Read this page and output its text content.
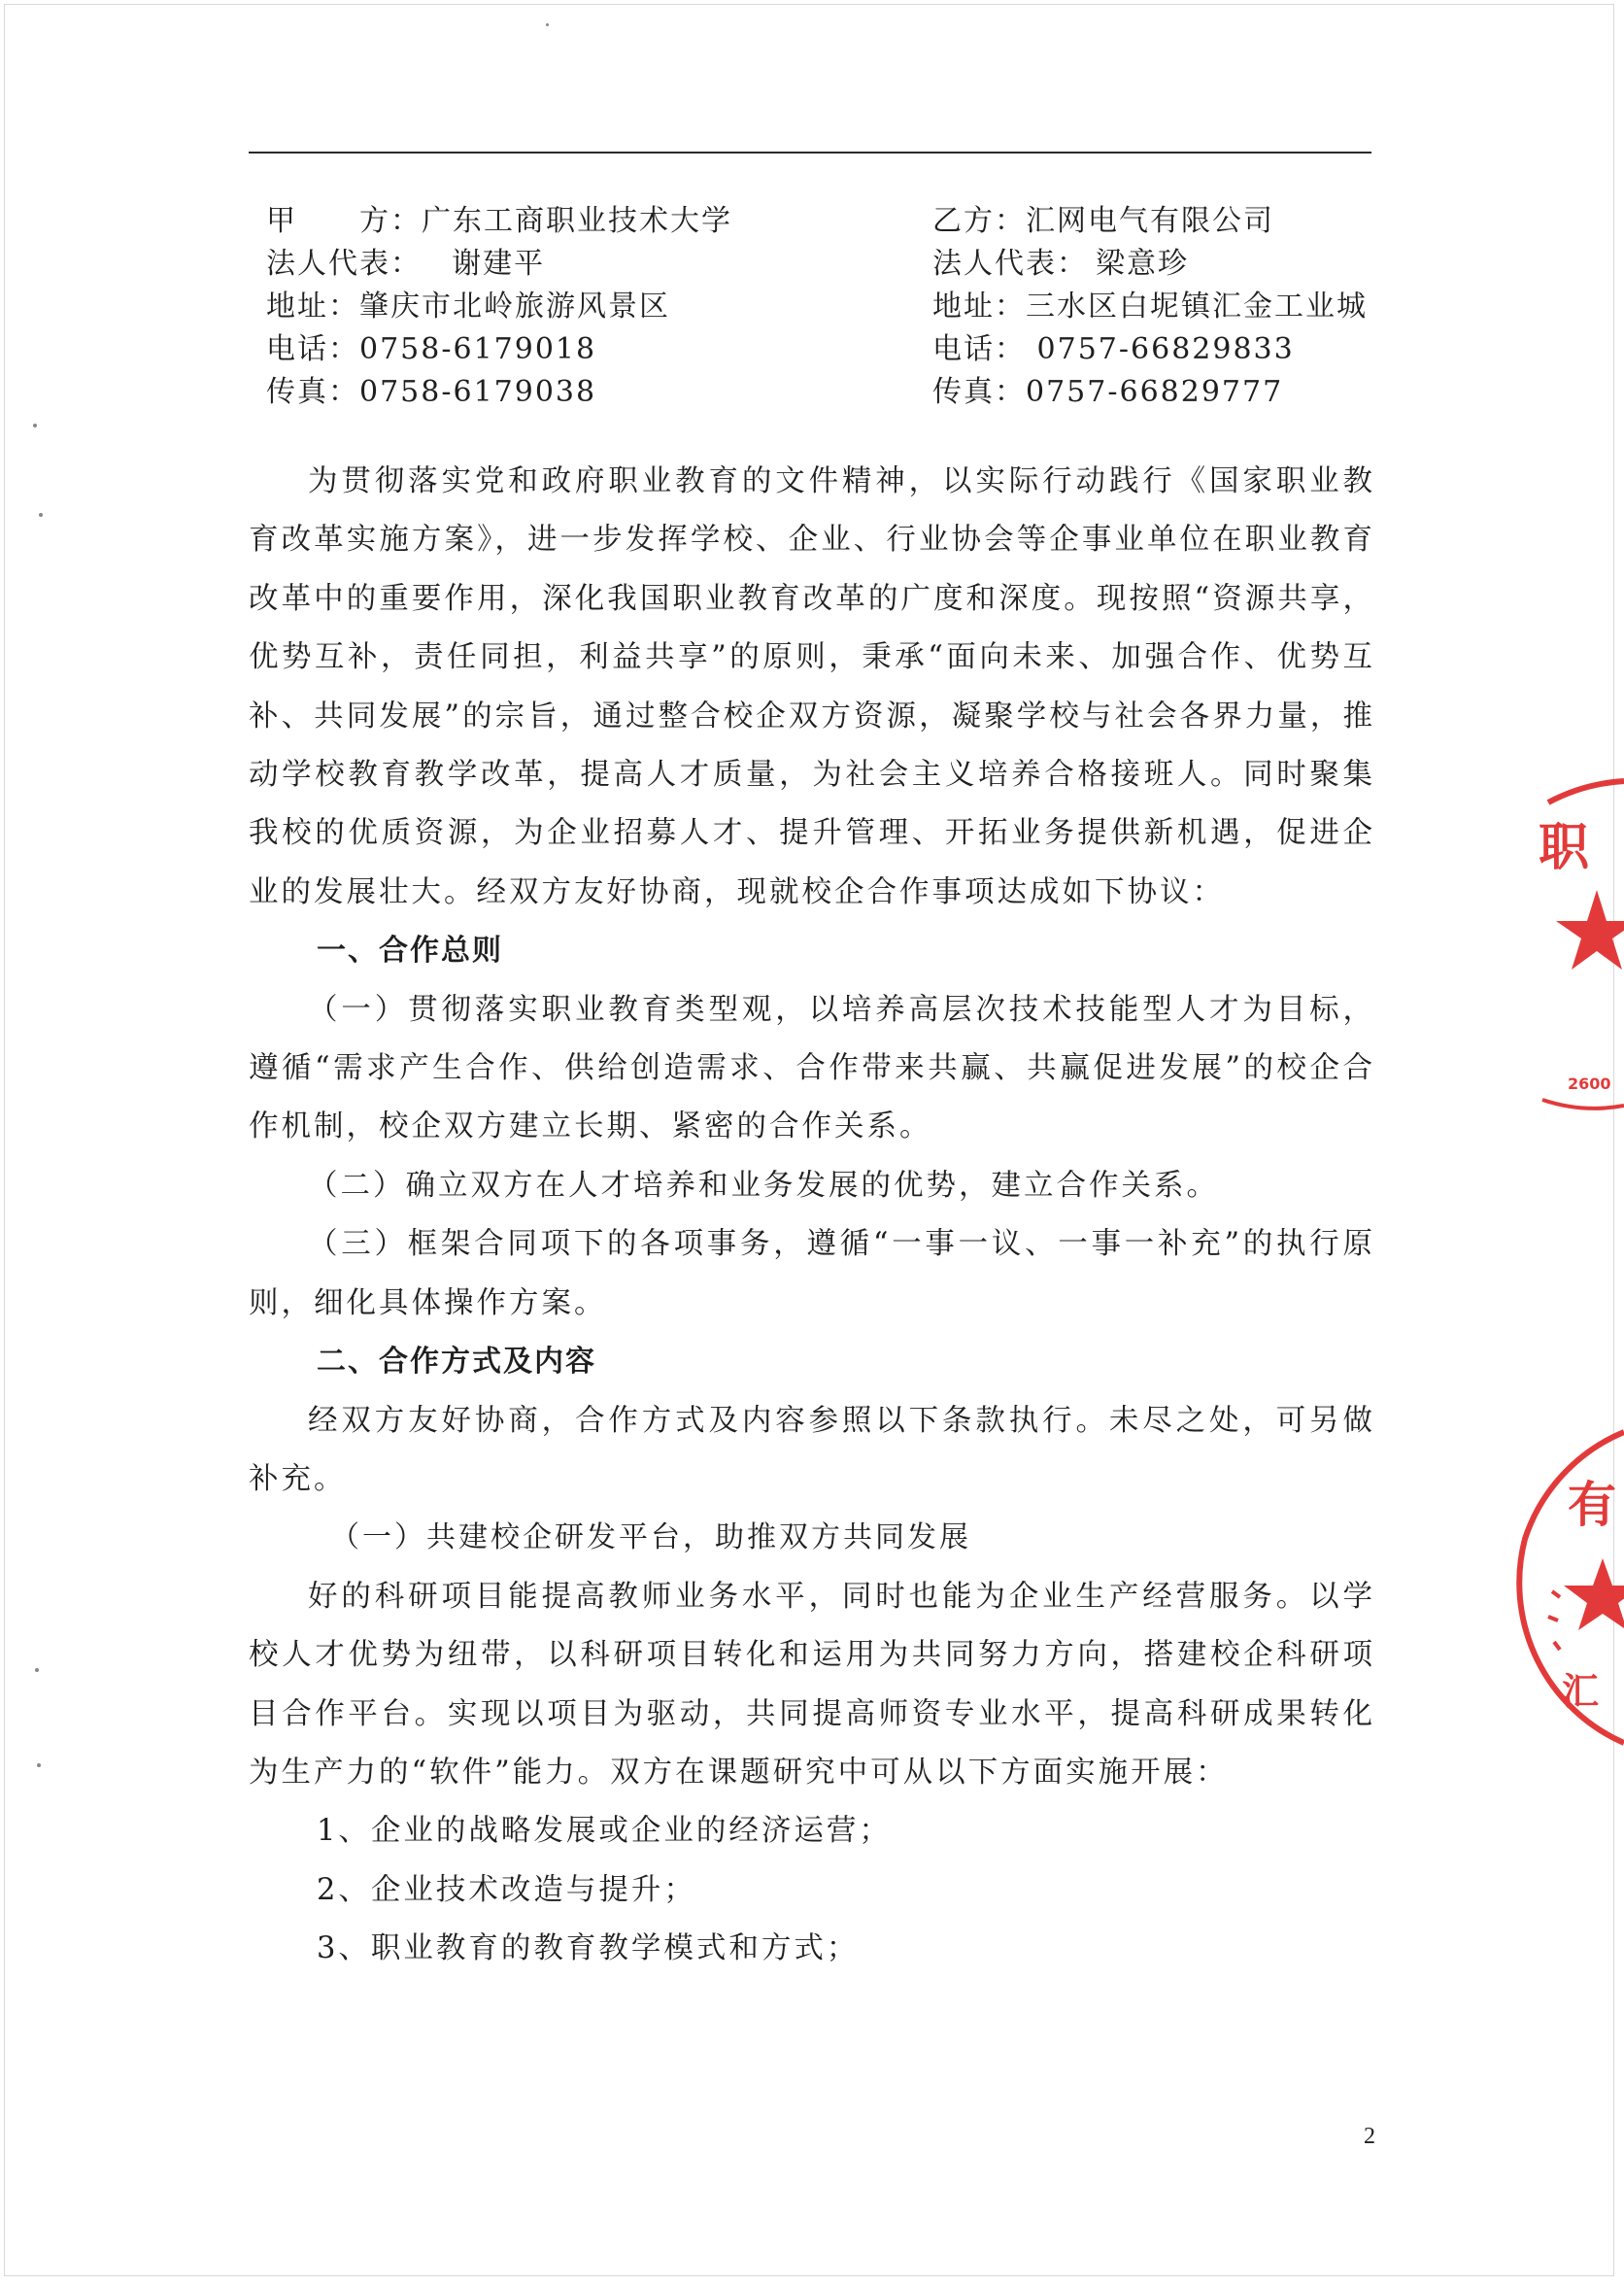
甲　　方：广东工商职业技术大学
法人代表： 谢建平
地址：肇庆市北岭旅游风景区
电话：0758-6179018
传真：0758-6179038
乙方：汇网电气有限公司
法人代表： 梁意珍
地址：三水区白坭镇汇金工业城
电话： 0757-66829833
传真：0757-66829777

为贯彻落实党和政府职业教育的文件精神，以实际行动践行《国家职业教育改革实施方案》，进一步发挥学校、企业、行业协会等企事业单位在职业教育改革中的重要作用，深化我国职业教育改革的广度和深度。现按照“资源共享，优势互补，责任同担，利益共享”的原则，秉承“面向未来、加强合作、优势互补、共同发展”的宗旨，通过整合校企双方资源，凝聚学校与社会各界力量，推动学校教育教学改革，提高人才质量，为社会主义培养合格接班人。同时聚集我校的优质资源，为企业招募人才、提升管理、开拓业务提供新机遇，促进企业的发展壮大。经双方友好协商，现就校企合作事项达成如下协议：

一、合作总则

（一）贯彻落实职业教育类型观，以培养高层次技术技能型人才为目标，遵循“需求产生合作、供给创造需求、合作带来共赢、共赢促进发展”的校企合作机制，校企双方建立长期、紧密的合作关系。

（二）确立双方在人才培养和业务发展的优势，建立合作关系。

（三）框架合同项下的各项事务，遵循“一事一议、一事一补充”的执行原则，细化具体操作方案。

二、合作方式及内容

经双方友好协商，合作方式及内容参照以下条款执行。未尽之处，可另做补充。

（一）共建校企研发平台，助推双方共同发展

好的科研项目能提高教师业务水平，同时也能为企业生产经营服务。以学校人才优势为纽带，以科研项目转化和运用为共同努力方向，搭建校企科研项目合作平台。实现以项目为驱动，共同提高师资专业水平，提高科研成果转化为生产力的“软件”能力。双方在课题研究中可从以下方面实施开展：

1、企业的战略发展或企业的经济运营；

2、企业技术改造与提升；

3、职业教育的教育教学模式和方式；

2
职
2600
有
汇
